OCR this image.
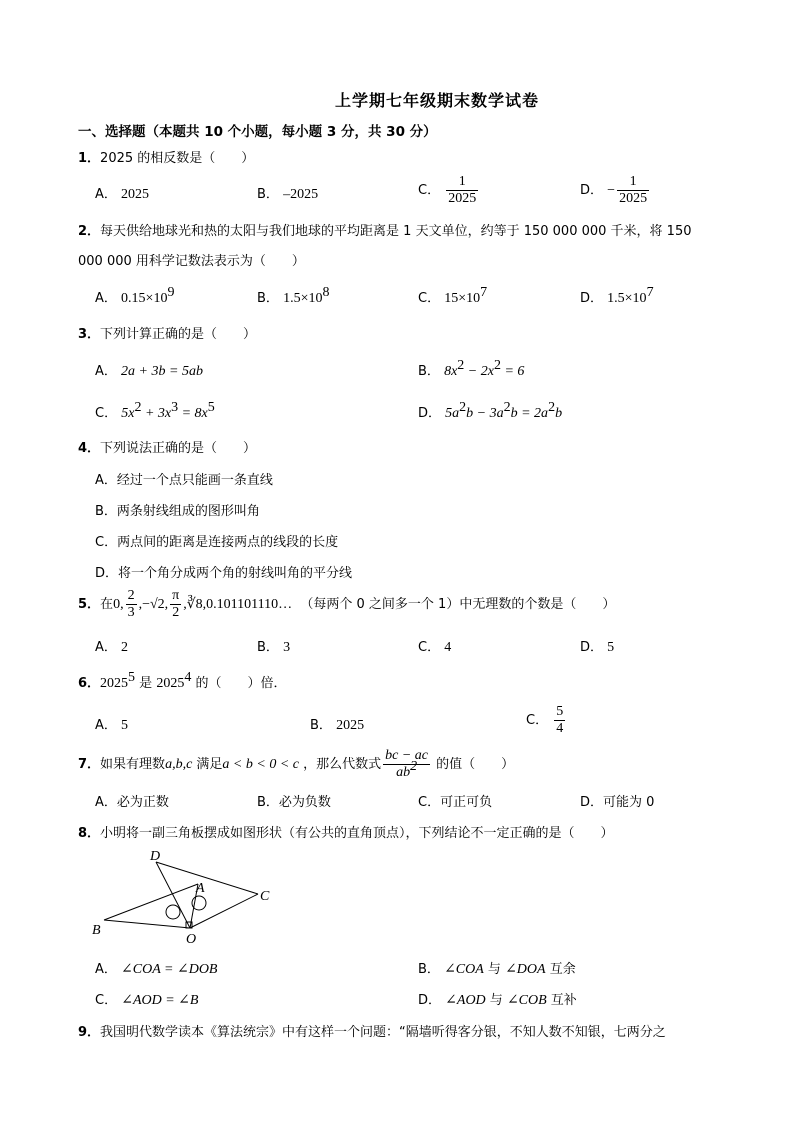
上学期七年级期末数学试卷
一、选择题（本题共 10 个小题，每小题 3 分，共 30 分）
1．2025 的相反数是（　　）
A． 2025	B． –2025	C． $\frac{1}{2025}$	D． − $\frac{1}{2025}$
2．每天供给地球光和热的太阳与我们地球的平均距离是 1 天文单位，约等于 150 000 000 千米，将 150
000 000 用科学记数法表示为（　　）
A． $0.15\times 10^9$	B． $1.5\times 10^8$	C． $15\times 10^7$	D． $1.5\times 10^7$
3．下列计算正确的是（　　）
A． 2a + 3b = 5ab	B． $8x^2 - 2x^2 = 6$
C． $5x^2 + 3x^3 = 8x^5$	D． $5a^2b - 3a^2b = 2a^2b$
4．下列说法正确的是（　　）
A．经过一个点只能画一条直线
B．两条射线组成的图形叫角
C．两点间的距离是连接两点的线段的长度
D．将一个角分成两个角的射线叫角的平分线
5．在0, $\frac{2}{3} ,-√2$, $\frac{\pi}{2}$ ,∛8,0.101101110… （每两个 0 之间多一个 1）中无理数的个数是（　　）
A． 2	B． 3	C． 4	D． 5
6．2025$^5$ 是 2025$^4$ 的（　　）倍．
A． 5	B． 2025	C． $\frac{5}{4}$
7．如果有理数a,b,c 满足a < b < 0 < c ，那么代数式 $\frac{bc - ac}{ab^2}$ 的值（　　）
A．必为正数	B．必为负数	C．可正可负	D．可能为 0
8．小明将一副三角板摆成如图形状（有公共的直角顶点），下列结论不一定正确的是（　　）
D
A
C
B
O
A． ∠COA = ∠DOB	B． ∠COA 与 ∠DOA 互余
C． ∠AOD = ∠B	D． ∠AOD 与 ∠COB 互补
9．我国明代数学读本《算法统宗》中有这样一个问题：“隔墙听得客分银，不知人数不知银，七两分之
